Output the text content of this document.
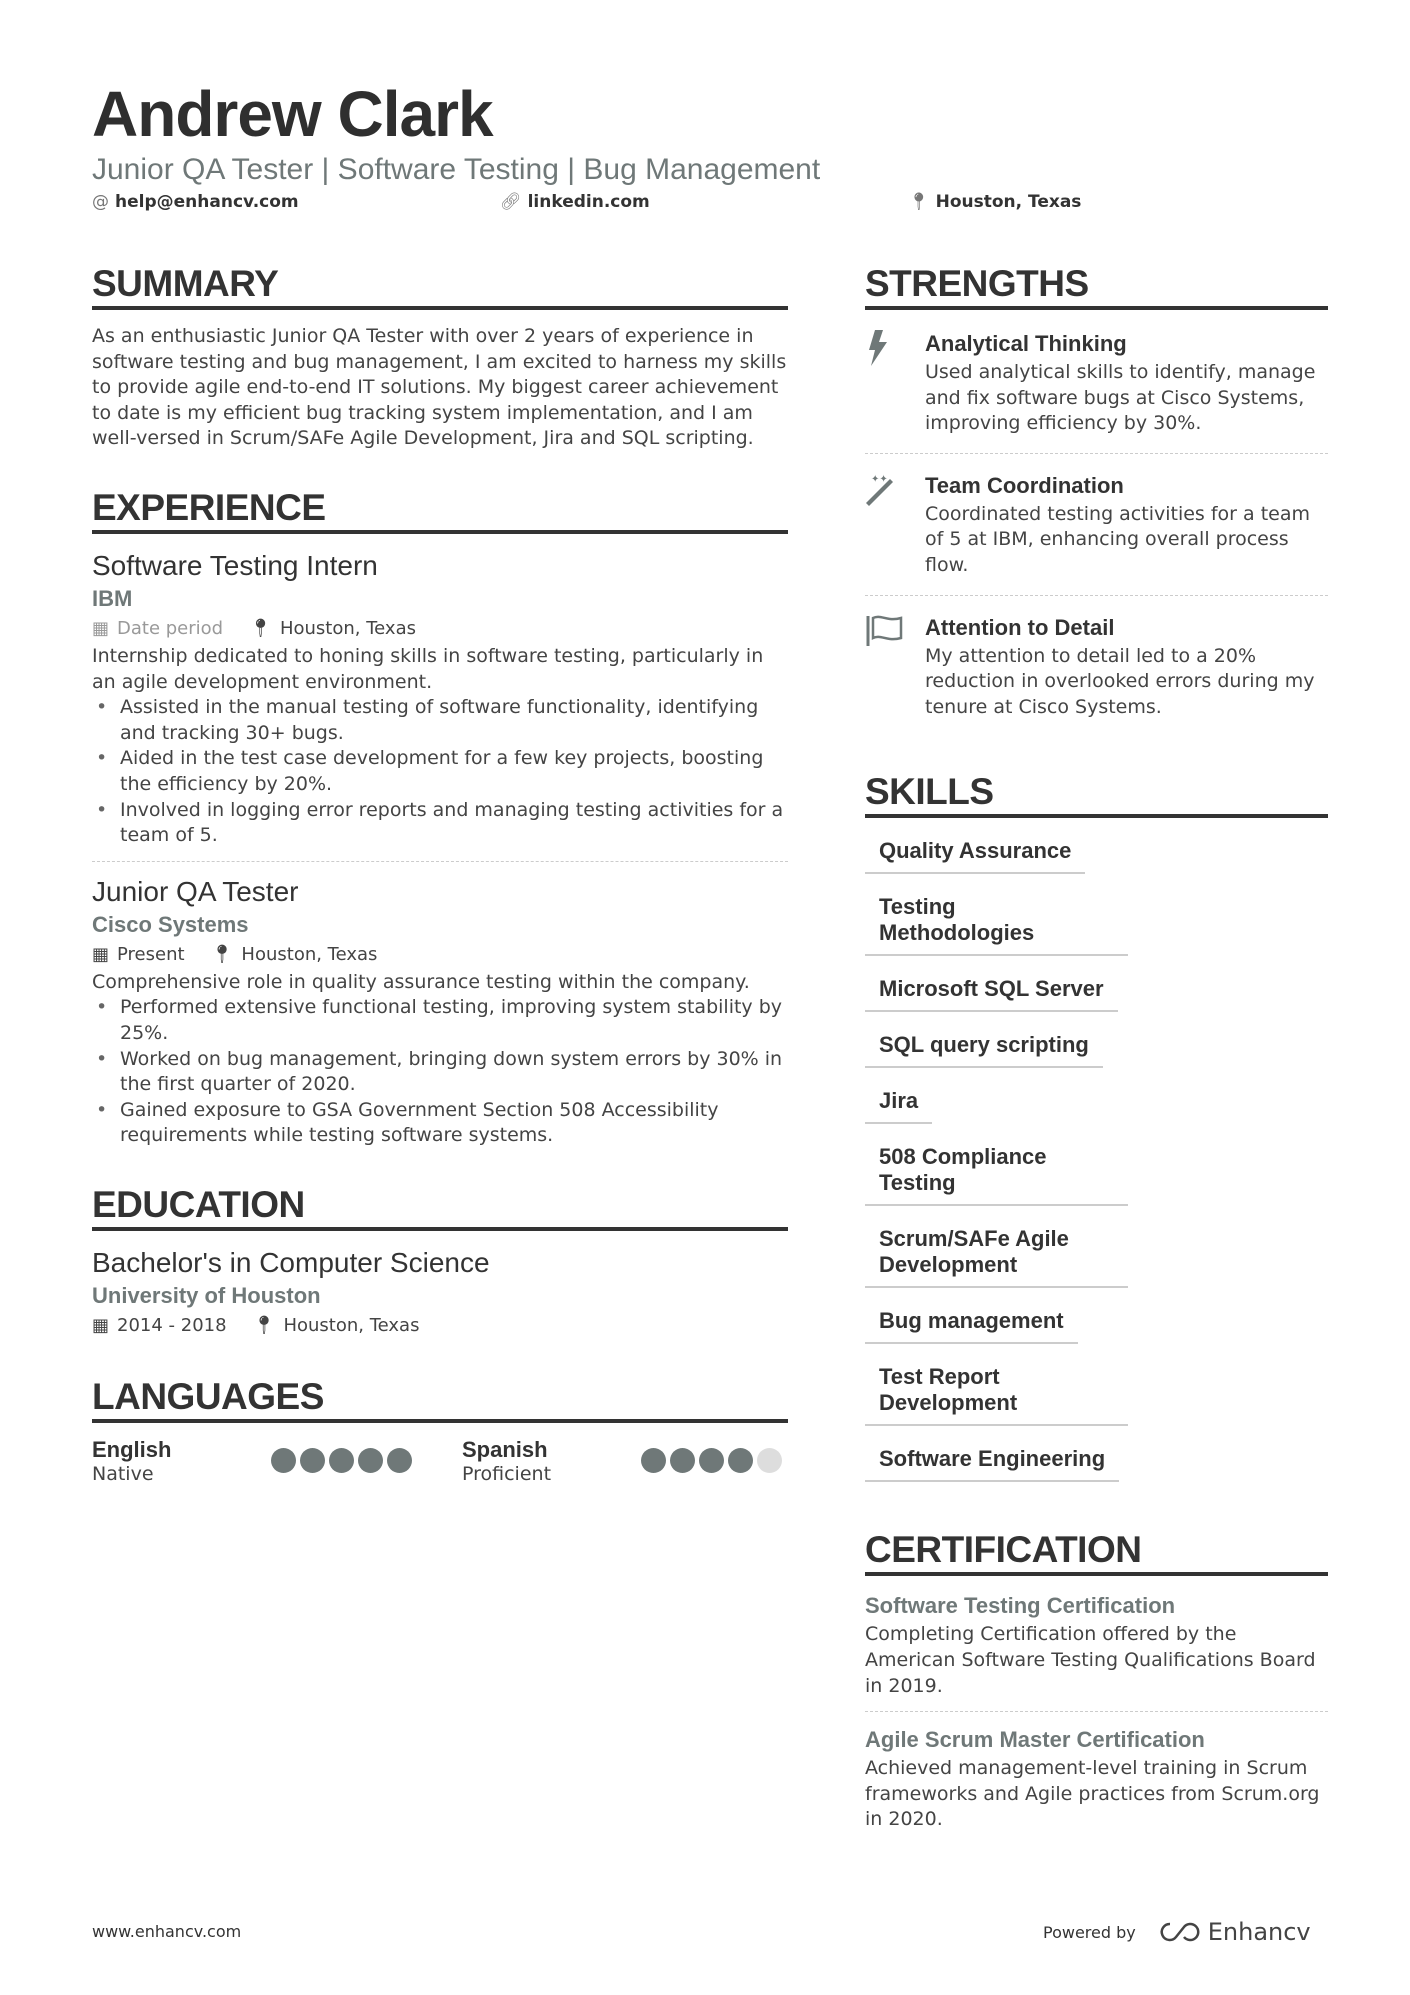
Andrew Clark
Junior QA Tester | Software Testing | Bug Management
@ help@enhancv.com	🔗︎ linkedin.com	📍︎ Houston, Texas
SUMMARY
As an enthusiastic Junior QA Tester with over 2 years of experience in software testing and bug management, I am excited to harness my skills to provide agile end-to-end IT solutions. My biggest career achievement to date is my efficient bug tracking system implementation, and I am well-versed in Scrum/SAFe Agile Development, Jira and SQL scripting.
EXPERIENCE
Software Testing Intern
IBM
▦ Date period 📍︎ Houston, Texas
Internship dedicated to honing skills in software testing, particularly in an agile development environment.
• Assisted in the manual testing of software functionality, identifying and tracking 30+ bugs.
• Aided in the test case development for a few key projects, boosting the efficiency by 20%.
• Involved in logging error reports and managing testing activities for a team of 5.
Junior QA Tester
Cisco Systems
▦ Present 📍︎ Houston, Texas
Comprehensive role in quality assurance testing within the company.
• Performed extensive functional testing, improving system stability by 25%.
• Worked on bug management, bringing down system errors by 30% in the first quarter of 2020.
• Gained exposure to GSA Government Section 508 Accessibility requirements while testing software systems.
EDUCATION
Bachelor's in Computer Science
University of Houston
▦ 2014 - 2018 📍︎ Houston, Texas
LANGUAGES
English
Native
Spanish
Proficient
STRENGTHS
Analytical Thinking
Used analytical skills to identify, manage and fix software bugs at Cisco Systems, improving efficiency by 30%.
✦✦ Team Coordination
Coordinated testing activities for a team of 5 at IBM, enhancing overall process flow.
Attention to Detail
My attention to detail led to a 20% reduction in overlooked errors during my tenure at Cisco Systems.
SKILLS
Quality Assurance
Testing Methodologies
Microsoft SQL Server
SQL query scripting
Jira
508 Compliance Testing
Scrum/SAFe Agile Development
Bug management
Test Report Development
Software Engineering
CERTIFICATION
Software Testing Certification
Completing Certification offered by the American Software Testing Qualifications Board in 2019.
Agile Scrum Master Certification
Achieved management-level training in Scrum frameworks and Agile practices from Scrum.org in 2020.
www.enhancv.com	Powered by	Enhancv
